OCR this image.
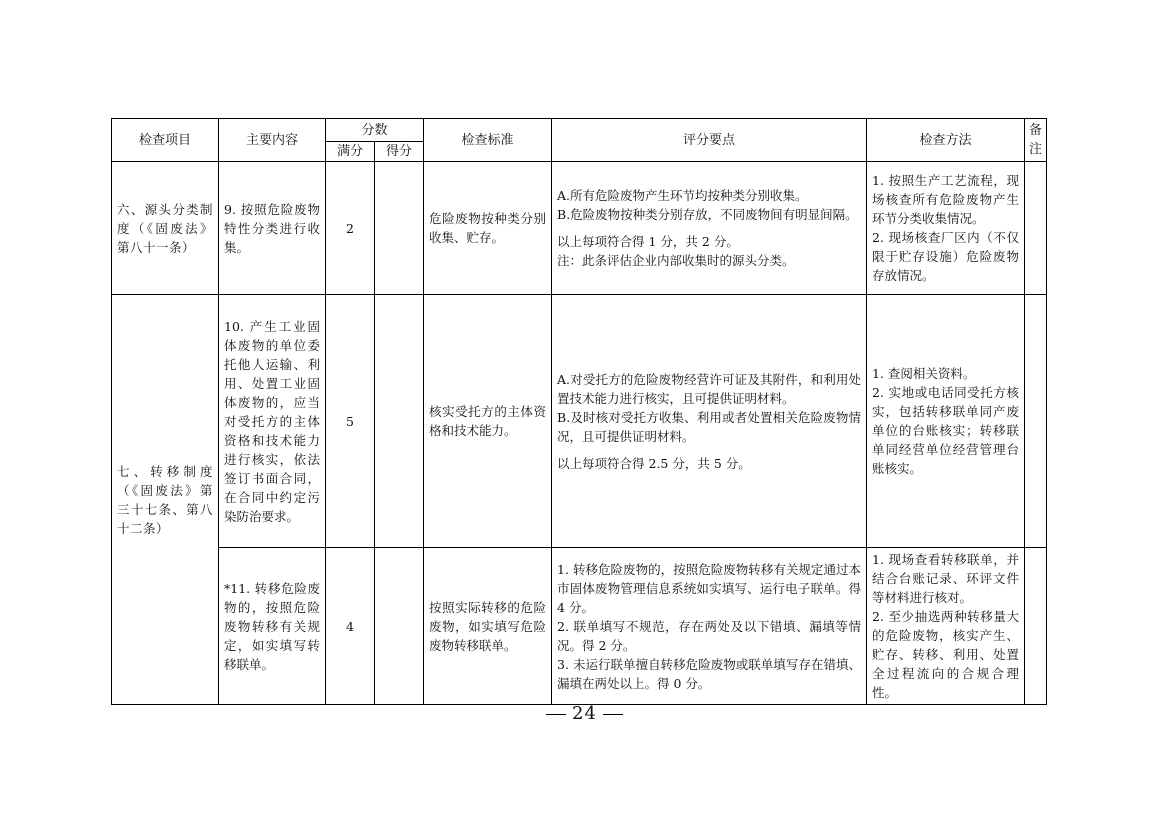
检查项目	主要内容	分数		检查标准	评分要点	检查方法	备注
		满分	得分				
六、源头分类制度（《固废法》第八十一条）	9. 按照危险废物特性分类进行收集。	2		危险废物按种类分别收集、贮存。	A.所有危险废物产生环节均按种类分别收集。
B.危险废物按种类分别存放，不同废物间有明显间隔。
以上每项符合得 1 分，共 2 分。
注：此条评估企业内部收集时的源头分类。	1. 按照生产工艺流程，现场核查所有危险废物产生环节分类收集情况。
2. 现场核查厂区内（不仅限于贮存设施）危险废物存放情况。	

七、转移制度（《固废法》第三十七条、第八十二条）	10. 产生工业固体废物的单位委托他人运输、利用、处置工业固体废物的，应当对受托方的主体资格和技术能力进行核实，依法签订书面合同，在合同中约定污染防治要求。	5		核实受托方的主体资格和技术能力。	A.对受托方的危险废物经营许可证及其附件，和利用处置技术能力进行核实，且可提供证明材料。
B.及时核对受托方收集、利用或者处置相关危险废物情况，且可提供证明材料。
以上每项符合得 2.5 分，共 5 分。	1. 查阅相关资料。
2. 实地或电话同受托方核实，包括转移联单同产废单位的台账核实；转移联单同经营单位经营管理台账核实。	

	*11. 转移危险废物的，按照危险废物转移有关规定，如实填写转移联单。	4		按照实际转移的危险废物，如实填写危险废物转移联单。	1. 转移危险废物的，按照危险废物转移有关规定通过本市固体废物管理信息系统如实填写、运行电子联单。得 4 分。
2. 联单填写不规范，存在两处及以下错填、漏填等情况。得 2 分。
3. 未运行联单擅自转移危险废物或联单填写存在错填、漏填在两处以上。得 0 分。	1. 现场查看转移联单，并结合台账记录、环评文件等材料进行核对。
2. 至少抽选两种转移量大的危险废物，核实产生、贮存、转移、利用、处置全过程流向的合规合理性。	

24
